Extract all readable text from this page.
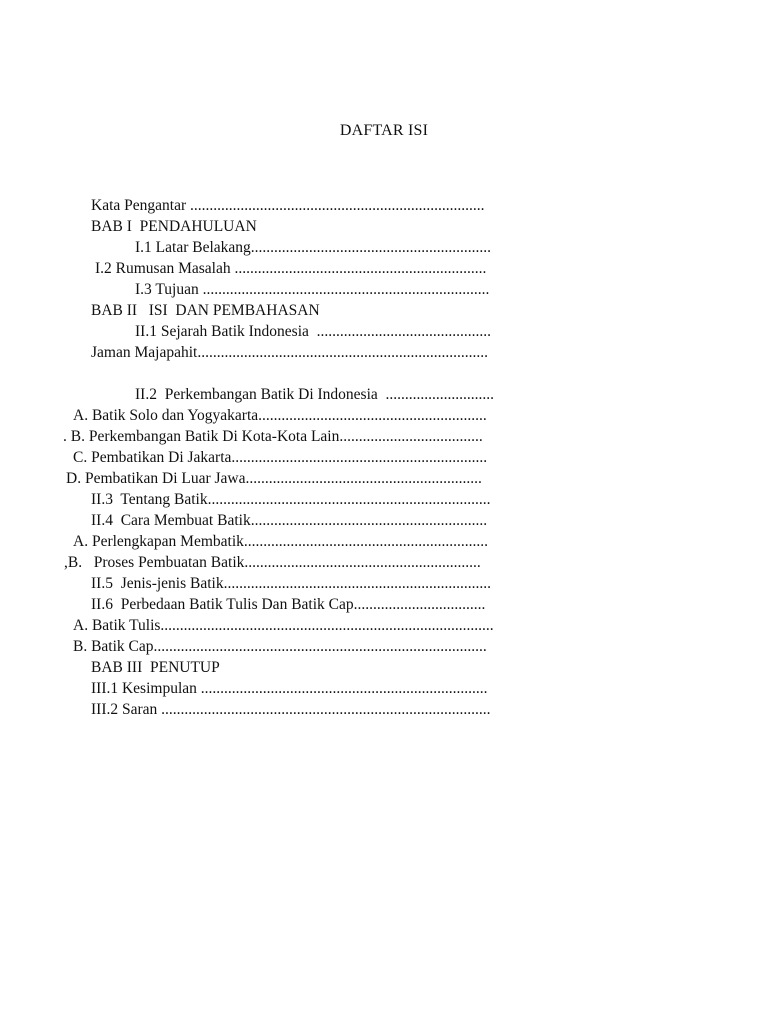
DAFTAR ISI
Kata Pengantar ............................................................................
BAB I  PENDAHULUAN
I.1 Latar Belakang..............................................................
I.2 Rumusan Masalah .................................................................
I.3 Tujuan ..........................................................................
BAB II   ISI  DAN PEMBAHASAN
II.1 Sejarah Batik Indonesia  .............................................
Jaman Majapahit...........................................................................
II.2  Perkembangan Batik Di Indonesia  ............................
A. Batik Solo dan Yogyakarta...........................................................
. B. Perkembangan Batik Di Kota-Kota Lain.....................................
C. Pembatikan Di Jakarta..................................................................
D. Pembatikan Di Luar Jawa.............................................................
II.3  Tentang Batik.........................................................................
II.4  Cara Membuat Batik.............................................................
A. Perlengkapan Membatik...............................................................
,B.   Proses Pembuatan Batik.............................................................
II.5  Jenis-jenis Batik.....................................................................
II.6  Perbedaan Batik Tulis Dan Batik Cap..................................
A. Batik Tulis......................................................................................
B. Batik Cap......................................................................................
BAB III  PENUTUP
III.1 Kesimpulan ..........................................................................
III.2 Saran .....................................................................................
